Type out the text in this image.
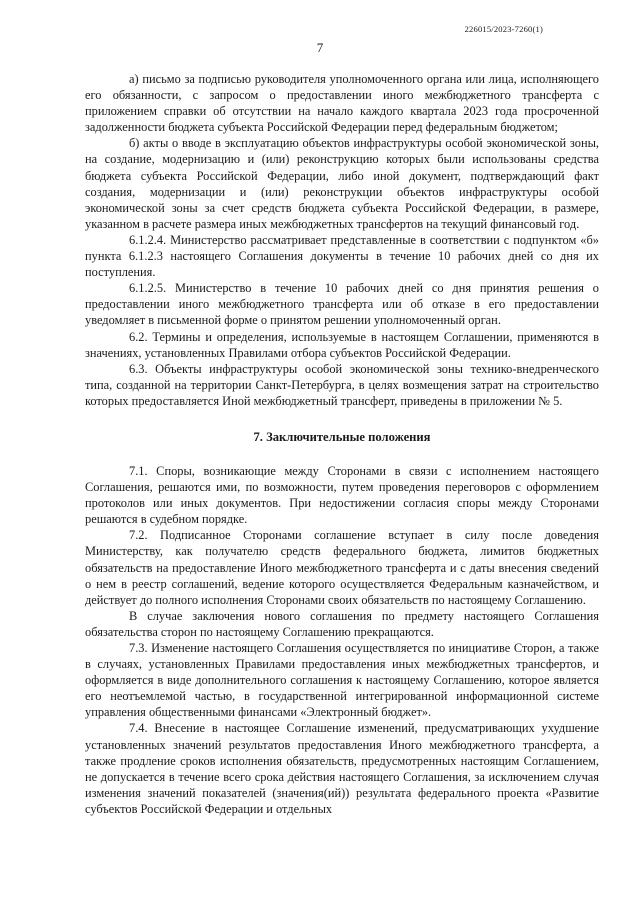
226015/2023-7260(1)
7

а) письмо за подписью руководителя уполномоченного органа или лица, исполняющего его обязанности, с запросом о предоставлении иного межбюджетного трансферта с приложением справки об отсутствии на начало каждого квартала 2023 года просроченной задолженности бюджета субъекта Российской Федерации перед федеральным бюджетом;

б) акты о вводе в эксплуатацию объектов инфраструктуры особой экономической зоны, на создание, модернизацию и (или) реконструкцию которых были использованы средства бюджета субъекта Российской Федерации, либо иной документ, подтверждающий факт создания, модернизации и (или) реконструкции объектов инфраструктуры особой экономической зоны за счет средств бюджета субъекта Российской Федерации, в размере, указанном в расчете размера иных межбюджетных трансфертов на текущий финансовый год.

6.1.2.4. Министерство рассматривает представленные в соответствии с подпунктом «б» пункта 6.1.2.3 настоящего Соглашения документы в течение 10 рабочих дней со дня их поступления.

6.1.2.5. Министерство в течение 10 рабочих дней со дня принятия решения о предоставлении иного межбюджетного трансферта или об отказе в его предоставлении уведомляет в письменной форме о принятом решении уполномоченный орган.

6.2. Термины и определения, используемые в настоящем Соглашении, применяются в значениях, установленных Правилами отбора субъектов Российской Федерации.

6.3. Объекты инфраструктуры особой экономической зоны технико-внедренческого типа, созданной на территории Санкт-Петербурга, в целях возмещения затрат на строительство которых предоставляется Иной межбюджетный трансферт, приведены в приложении № 5.

7. Заключительные положения

7.1. Споры, возникающие между Сторонами в связи с исполнением настоящего Соглашения, решаются ими, по возможности, путем проведения переговоров с оформлением протоколов или иных документов. При недостижении согласия споры между Сторонами решаются в судебном порядке.

7.2. Подписанное Сторонами соглашение вступает в силу после доведения Министерству, как получателю средств федерального бюджета, лимитов бюджетных обязательств на предоставление Иного межбюджетного трансферта и с даты внесения сведений о нем в реестр соглашений, ведение которого осуществляется Федеральным казначейством, и действует до полного исполнения Сторонами своих обязательств по настоящему Соглашению.

В случае заключения нового соглашения по предмету настоящего Соглашения обязательства сторон по настоящему Соглашению прекращаются.

7.3. Изменение настоящего Соглашения осуществляется по инициативе Сторон, а также в случаях, установленных Правилами предоставления иных межбюджетных трансфертов, и оформляется в виде дополнительного соглашения к настоящему Соглашению, которое является его неотъемлемой частью, в государственной интегрированной информационной системе управления общественными финансами «Электронный бюджет».

7.4. Внесение в настоящее Соглашение изменений, предусматривающих ухудшение установленных значений результатов предоставления Иного межбюджетного трансферта, а также продление сроков исполнения обязательств, предусмотренных настоящим Соглашением, не допускается в течение всего срока действия настоящего Соглашения, за исключением случая изменения значений показателей (значения(ий)) результата федерального проекта «Развитие субъектов Российской Федерации и отдельных
